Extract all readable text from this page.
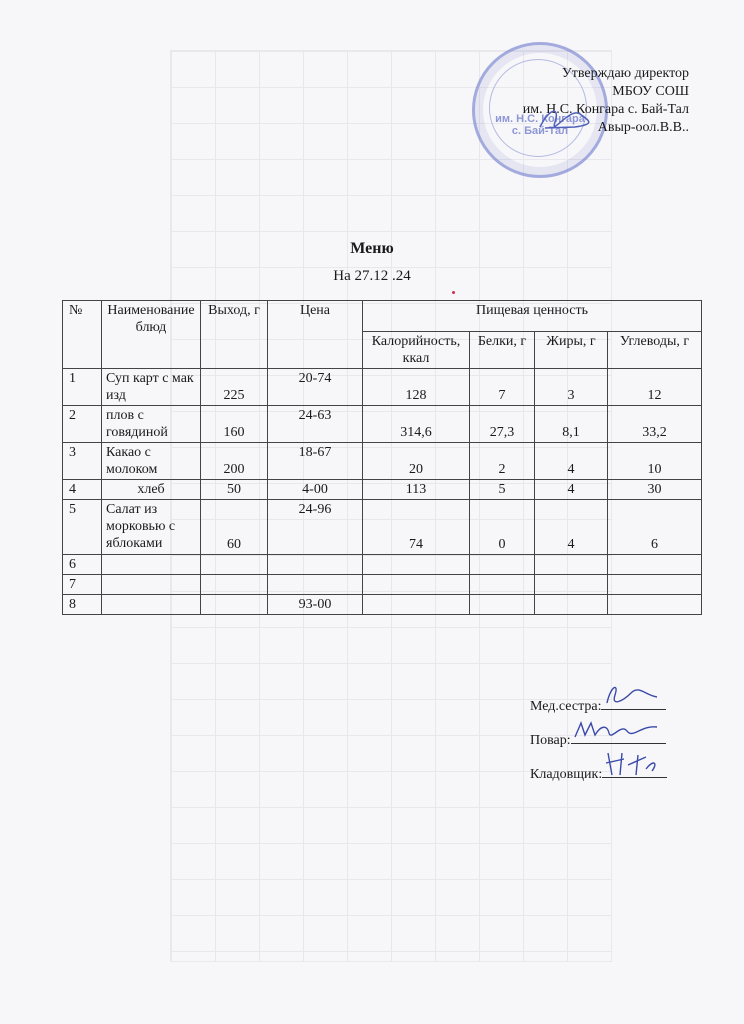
им. Н.С. Конгара
с. Бай-Тал
Утверждаю директор
МБОУ СОШ
им. Н.С. Конгара с. Бай-Тал
Авыр-оол.В.В..
Меню
На 27.12 .24
№	Наименование блюд	Выход, г	Цена	Пищевая ценность			
				Калорийность, ккал	Белки, г	Жиры, г	Углеводы, г
1	Суп карт с мак изд	225	20-74	128	7	3	12
2	плов с говядиной	160	24-63	314,6	27,3	8,1	33,2
3	Какао с молоком	200	18-67	20	2	4	10
4	хлеб	50	4-00	113	5	4	30
5	Салат из морковью с яблоками	60	24-96	74	0	4	6
6							
7							
8			93-00				
Мед.сестра:
Повар:
Кладовщик:
